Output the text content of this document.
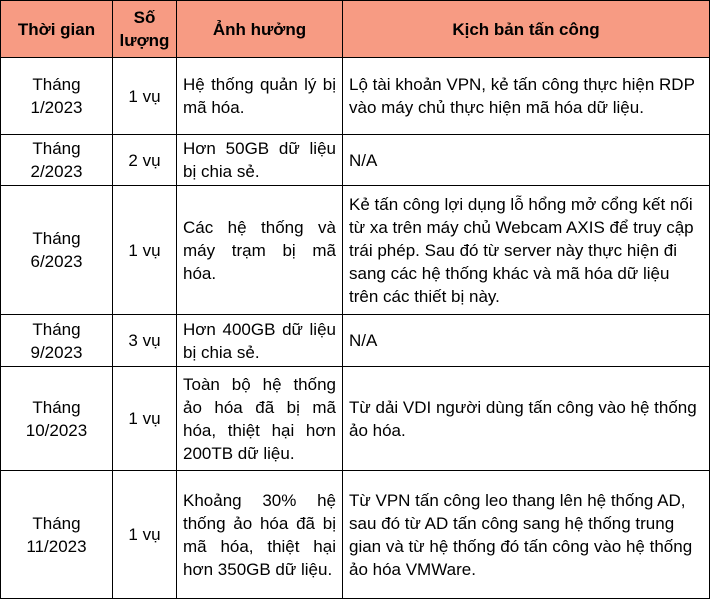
Thời gian	Số lượng	Ảnh hưởng	Kịch bản tấn công
Tháng 1/2023	1 vụ	Hệ thống quản lý bị mã hóa.	Lộ tài khoản VPN, kẻ tấn công thực hiện RDP vào máy chủ thực hiện mã hóa dữ liệu.
Tháng 2/2023	2 vụ	Hơn 50GB dữ liệu bị chia sẻ.	N/A
Tháng 6/2023	1 vụ	Các hệ thống và máy trạm bị mã hóa.	Kẻ tấn công lợi dụng lỗ hổng mở cổng kết nối từ xa trên máy chủ Webcam AXIS để truy cập trái phép. Sau đó từ server này thực hiện đi sang các hệ thống khác và mã hóa dữ liệu trên các thiết bị này.
Tháng 9/2023	3 vụ	Hơn 400GB dữ liệu bị chia sẻ.	N/A
Tháng 10/2023	1 vụ	Toàn bộ hệ thống ảo hóa đã bị mã hóa, thiệt hại hơn 200TB dữ liệu.	Từ dải VDI người dùng tấn công vào hệ thống ảo hóa.
Tháng 11/2023	1 vụ	Khoảng 30% hệ thống ảo hóa đã bị mã hóa, thiệt hại hơn 350GB dữ liệu.	Từ VPN tấn công leo thang lên hệ thống AD, sau đó từ AD tấn công sang hệ thống trung gian và từ hệ thống đó tấn công vào hệ thống ảo hóa VMWare.
